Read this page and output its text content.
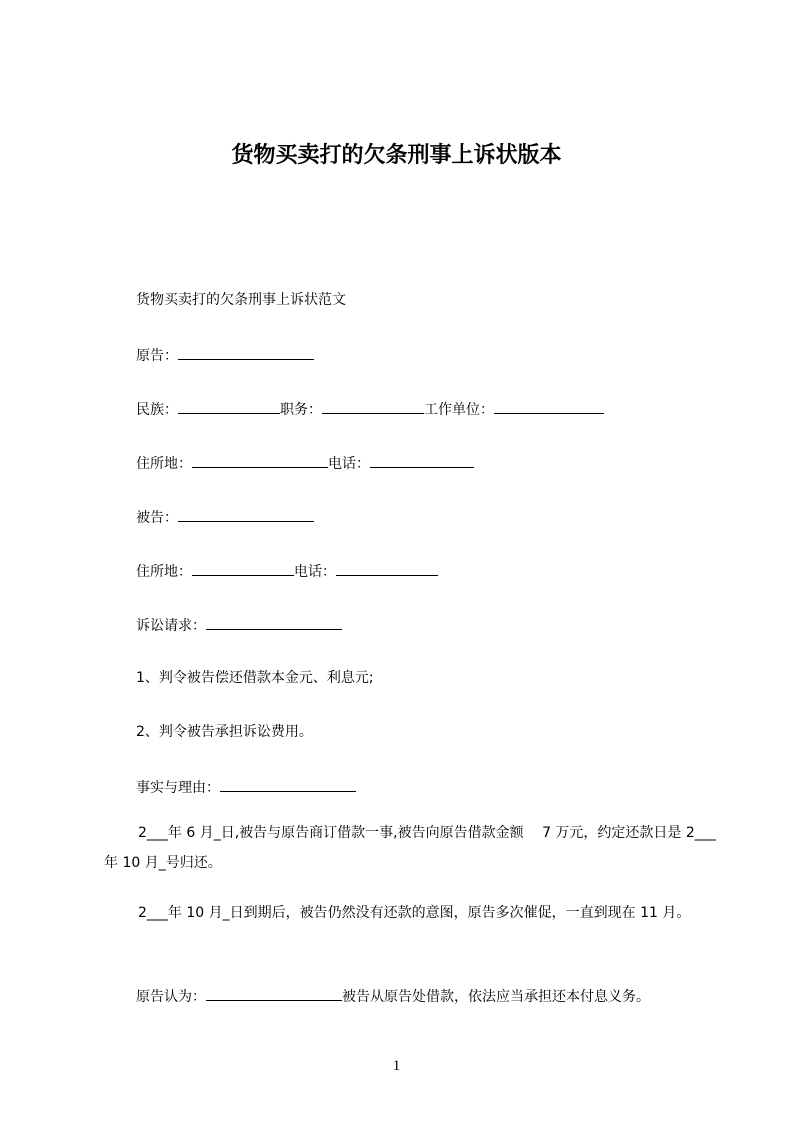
货物买卖打的欠条刑事上诉状版本
货物买卖打的欠条刑事上诉状范文
原告：
民族：	职务：	工作单位：
住所地：	电话：
被告：
住所地：	电话：
诉讼请求：
1、判令被告偿还借款本金元、利息元;
2、判令被告承担诉讼费用。
事实与理由：
2___年 6 月_日,被告与原告商订借款一事,被告向原告借款金额　 7 万元，约定还款日是 2___年 10 月_号归还。
2___年 10 月_日到期后，被告仍然没有还款的意图，原告多次催促，一直到现在 11 月。
原告认为：	被告从原告处借款，依法应当承担还本付息义务。
1
